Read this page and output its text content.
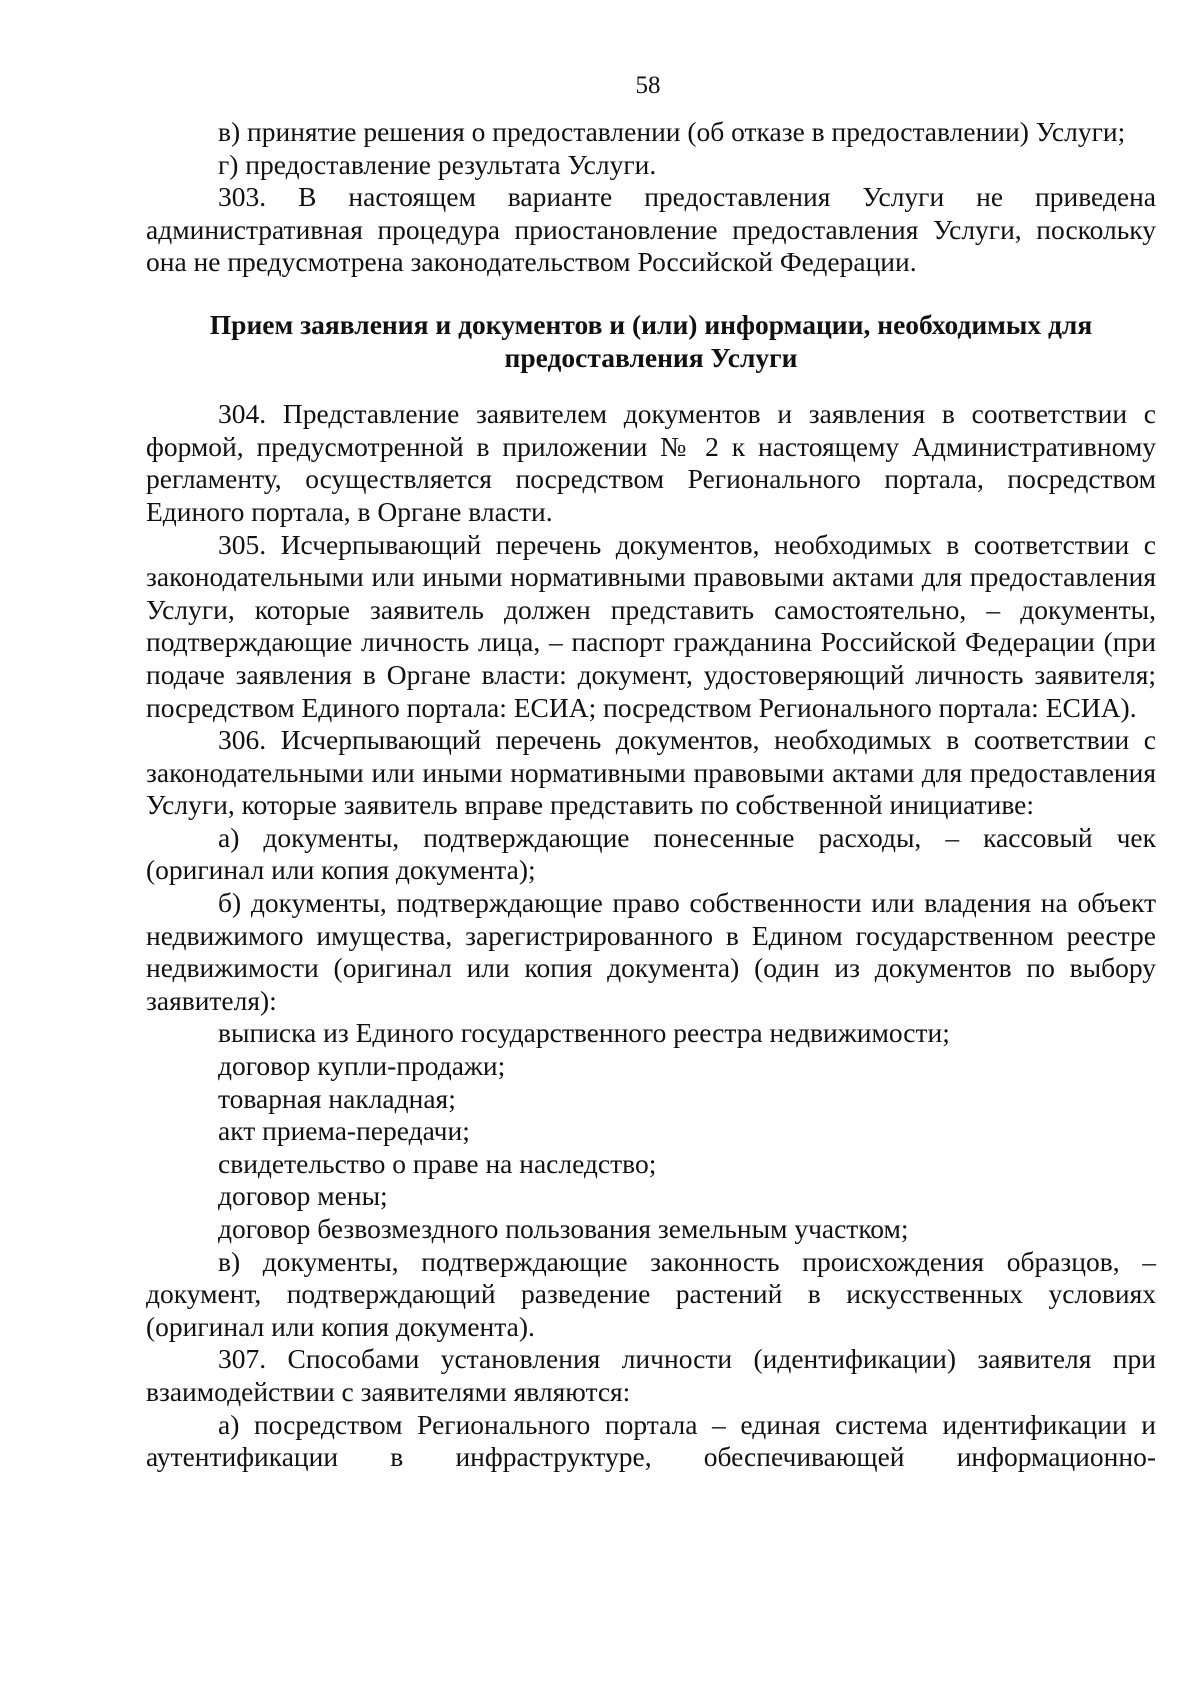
58

в) принятие решения о предоставлении (об отказе в предоставлении) Услуги;

г) предоставление результата Услуги.

303. В настоящем варианте предоставления Услуги не приведена административная процедура приостановление предоставления Услуги, поскольку она не предусмотрена законодательством Российской Федерации.

Прием заявления и документов и (или) информации, необходимых для предоставления Услуги

304. Представление заявителем документов и заявления в соответствии с формой, предусмотренной в приложении № 2 к настоящему Административному регламенту, осуществляется посредством Регионального портала, посредством Единого портала, в Органе власти.

305. Исчерпывающий перечень документов, необходимых в соответствии с законодательными или иными нормативными правовыми актами для предоставления Услуги, которые заявитель должен представить самостоятельно, – документы, подтверждающие личность лица, – паспорт гражданина Российской Федерации (при подаче заявления в Органе власти: документ, удостоверяющий личность заявителя; посредством Единого портала: ЕСИА; посредством Регионального портала: ЕСИА).

306. Исчерпывающий перечень документов, необходимых в соответствии с законодательными или иными нормативными правовыми актами для предоставления Услуги, которые заявитель вправе представить по собственной инициативе:

а) документы, подтверждающие понесенные расходы, – кассовый чек (оригинал или копия документа);

б) документы, подтверждающие право собственности или владения на объект недвижимого имущества, зарегистрированного в Едином государственном реестре недвижимости (оригинал или копия документа) (один из документов по выбору заявителя):

выписка из Единого государственного реестра недвижимости;

договор купли-продажи;

товарная накладная;

акт приема-передачи;

свидетельство о праве на наследство;

договор мены;

договор безвозмездного пользования земельным участком;

в) документы, подтверждающие законность происхождения образцов, – документ, подтверждающий разведение растений в искусственных условиях (оригинал или копия документа).

307. Способами установления личности (идентификации) заявителя при взаимодействии с заявителями являются:

а) посредством Регионального портала – единая система идентификации и аутентификации в инфраструктуре, обеспечивающей информационно-
